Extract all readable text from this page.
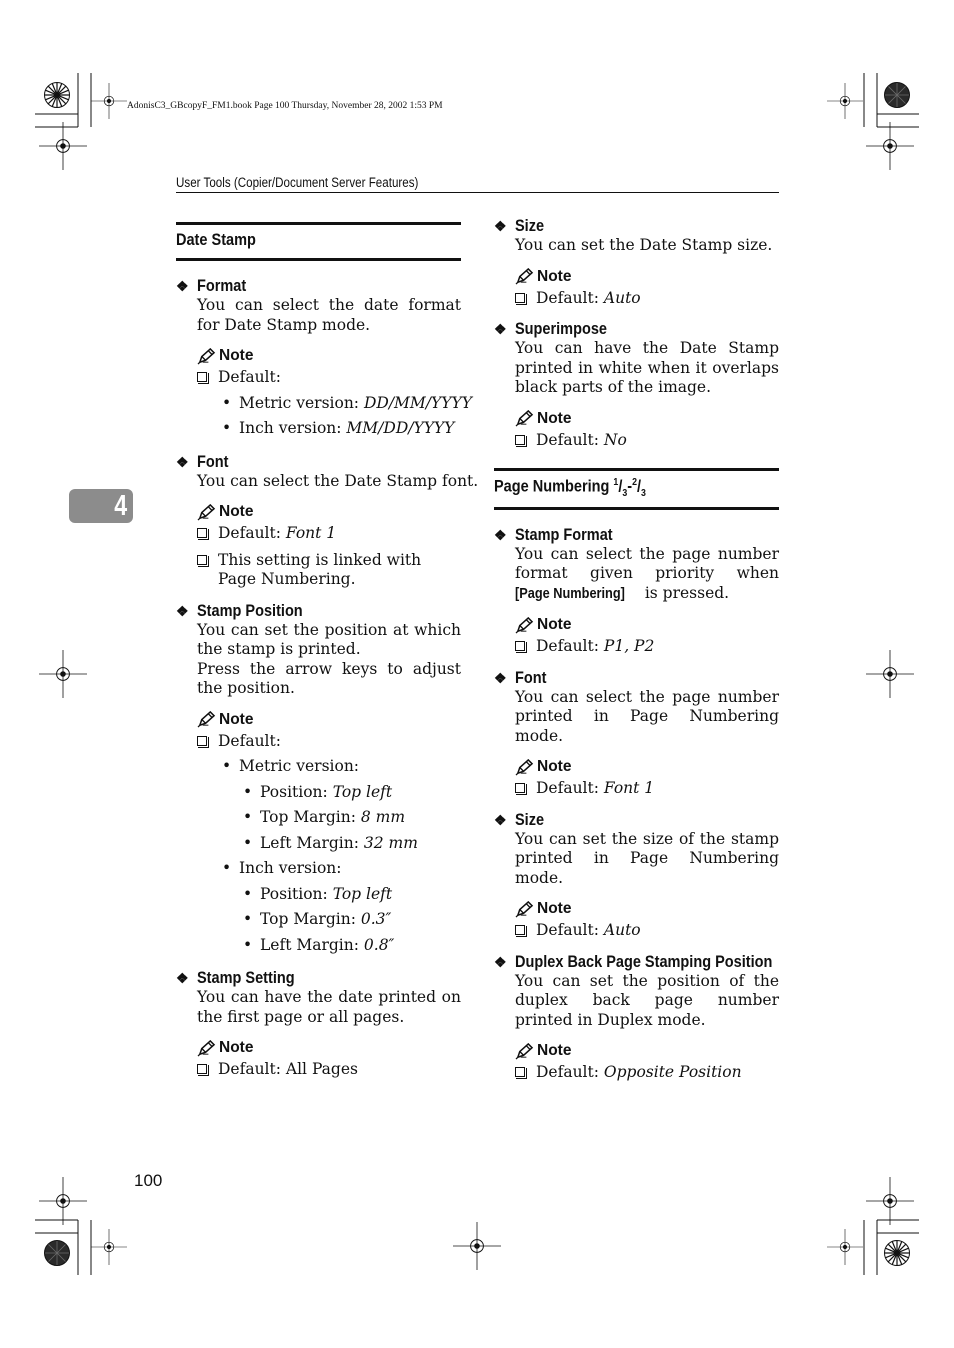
AdonisC3_GBcopyF_FM1.book Page 100 Thursday, November 28, 2002 1:53 PM
User Tools (Copier/Document Server Features)
4
Date Stamp
❖ Format
You can select the date format for Date Stamp mode.
Note
Default:
• Metric version: DD/MM/YYYY
• Inch version: MM/DD/YYYY
❖ Font
You can select the Date Stamp font.
Note
Default: Font 1
This setting is linked with Page Numbering.
❖ Stamp Position
You can set the position at which the stamp is printed.
Press the arrow keys to adjust the position.
Note
Default:
• Metric version:
• Position: Top left
• Top Margin: 8 mm
• Left Margin: 32 mm
• Inch version:
• Position: Top left
• Top Margin: 0.3″
• Left Margin: 0.8″
❖ Stamp Setting
You can have the date printed on the first page or all pages.
Note
Default: All Pages
❖ Size
You can set the Date Stamp size.
Note
Default: Auto
❖ Superimpose
You can have the Date Stamp printed in white when it overlaps black parts of the image.
Note
Default: No
Page Numbering $^1/_3-^2/_3$
❖ Stamp Format
You can select the page number format given priority when [Page Numbering] is pressed.
Note
Default: P1, P2
❖ Font
You can select the page number printed in Page Numbering mode.
Note
Default: Font 1
❖ Size
You can set the size of the stamp printed in Page Numbering mode.
Note
Default: Auto
❖ Duplex Back Page Stamping Position
You can set the position of the duplex back page number printed in Duplex mode.
Note
Default: Opposite Position
100
